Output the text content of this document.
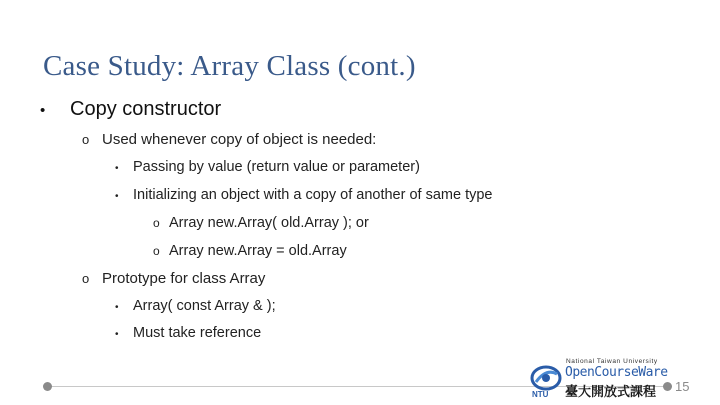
Case Study: Array Class (cont.)
•	Copy constructor
o Used whenever copy of object is needed:
• Passing by value (return value or parameter)
• Initializing an object with a copy of another of same type
o Array new.Array( old.Array ); or
o Array new.Array = old.Array
o Prototype for class Array
• Array( const Array & );
• Must take reference
National Taiwan University
OpenCourseWare
臺大開放式課程
NTU
15
